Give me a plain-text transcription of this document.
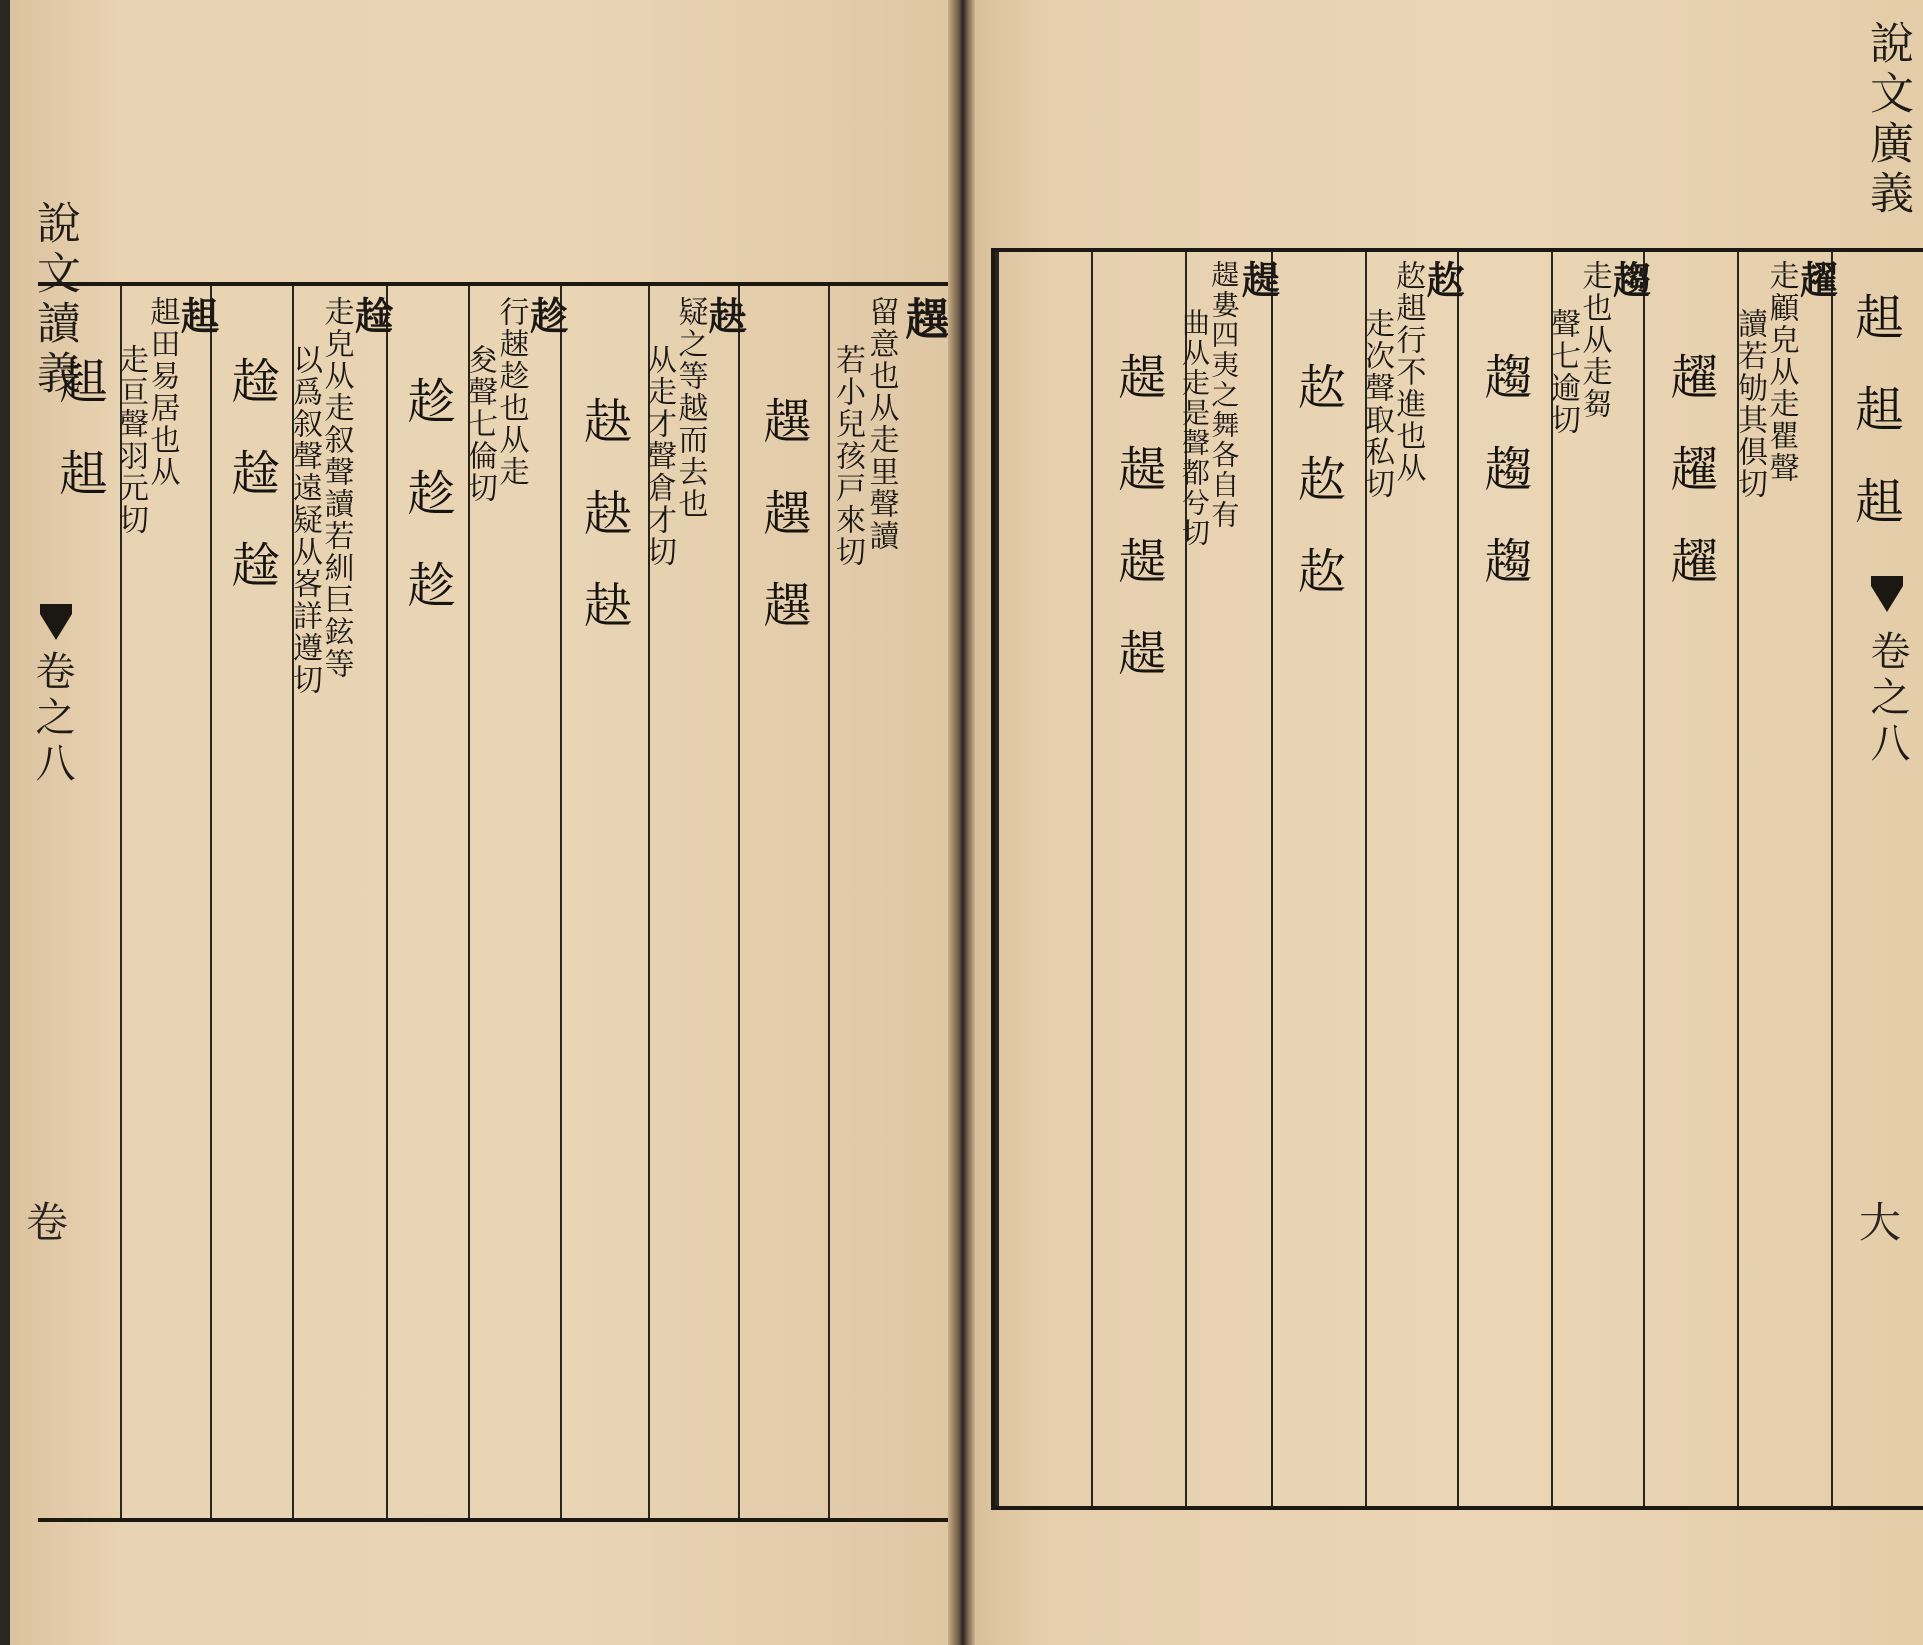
說文讀義
卷之八
卷
趩
留意也从走里聲讀
若小兒孩戸來切
趩趩趩
赽
疑之等越而去也
从走才聲倉才切
赽赽赽
趁
行趚趁也从走
夋聲七倫切
趁趁趁
趛
走皃从走叙聲讀若紃巨鉉等
以爲叙聲遠疑从峉詳遵切
趛趛趛
趄
趄田易居也从
走亘聲羽元切
趄趄
說文廣義
卷之八
大
趄趄趄
趯
走顧皃从走瞿聲
讀若劬其俱切
趯趯趯
趨
走也从走芻
聲七逾切
趨趨趨
赼
赼趄行不進也从
走次聲取私切
赼赼赼
趧
趧婁四夷之舞各自有
曲从走是聲都兮切
趧趧趧趧
